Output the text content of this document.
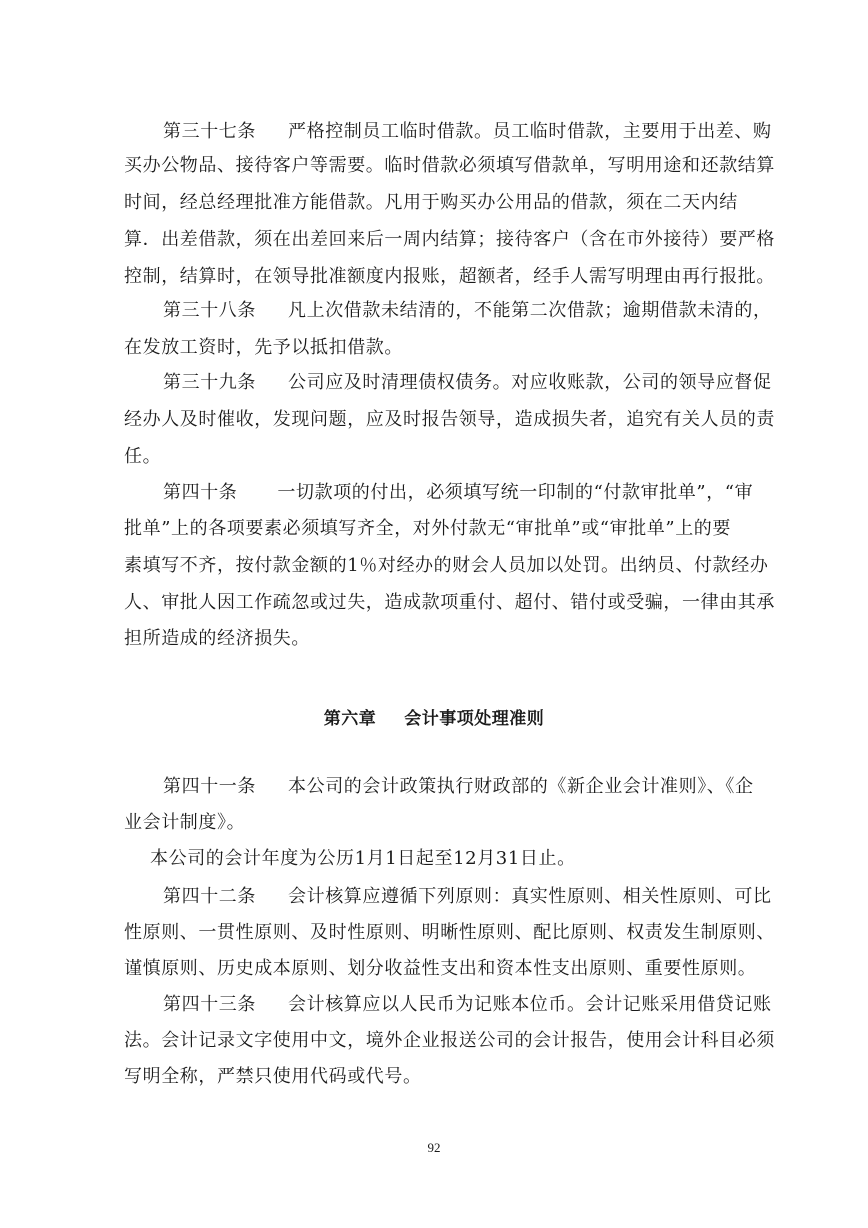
第三十七条 严格控制员工临时借款。员工临时借款，主要用于出差、购
买办公物品、接待客户等需要。临时借款必须填写借款单，写明用途和还款结算
时间，经总经理批准方能借款。凡用于购买办公用品的借款，须在二天内结
算．出差借款，须在出差回来后一周内结算；接待客户（含在市外接待）要严格
控制，结算时，在领导批准额度内报账，超额者，经手人需写明理由再行报批。
第三十八条 凡上次借款未结清的，不能第二次借款；逾期借款未清的，
在发放工资时，先予以抵扣借款。
第三十九条 公司应及时清理债权债务。对应收账款，公司的领导应督促
经办人及时催收，发现问题，应及时报告领导，造成损失者，追究有关人员的责
任。
第四十条 一切款项的付出，必须填写统一印制的“付款审批单”，“审
批单”上的各项要素必须填写齐全，对外付款无“审批单”或“审批单”上的要
素填写不齐，按付款金额的1％对经办的财会人员加以处罚。出纳员、付款经办
人、审批人因工作疏忽或过失，造成款项重付、超付、错付或受骗，一律由其承
担所造成的经济损失。
第六章 会计事项处理准则
第四十一条 本公司的会计政策执行财政部的《新企业会计准则》、《企
业会计制度》。
本公司的会计年度为公历1月1日起至12月31日止。
第四十二条 会计核算应遵循下列原则：真实性原则、相关性原则、可比
性原则、一贯性原则、及时性原则、明晰性原则、配比原则、权责发生制原则、
谨慎原则、历史成本原则、划分收益性支出和资本性支出原则、重要性原则。
第四十三条 会计核算应以人民币为记账本位币。会计记账采用借贷记账
法。会计记录文字使用中文，境外企业报送公司的会计报告，使用会计科目必须
写明全称，严禁只使用代码或代号。
92
